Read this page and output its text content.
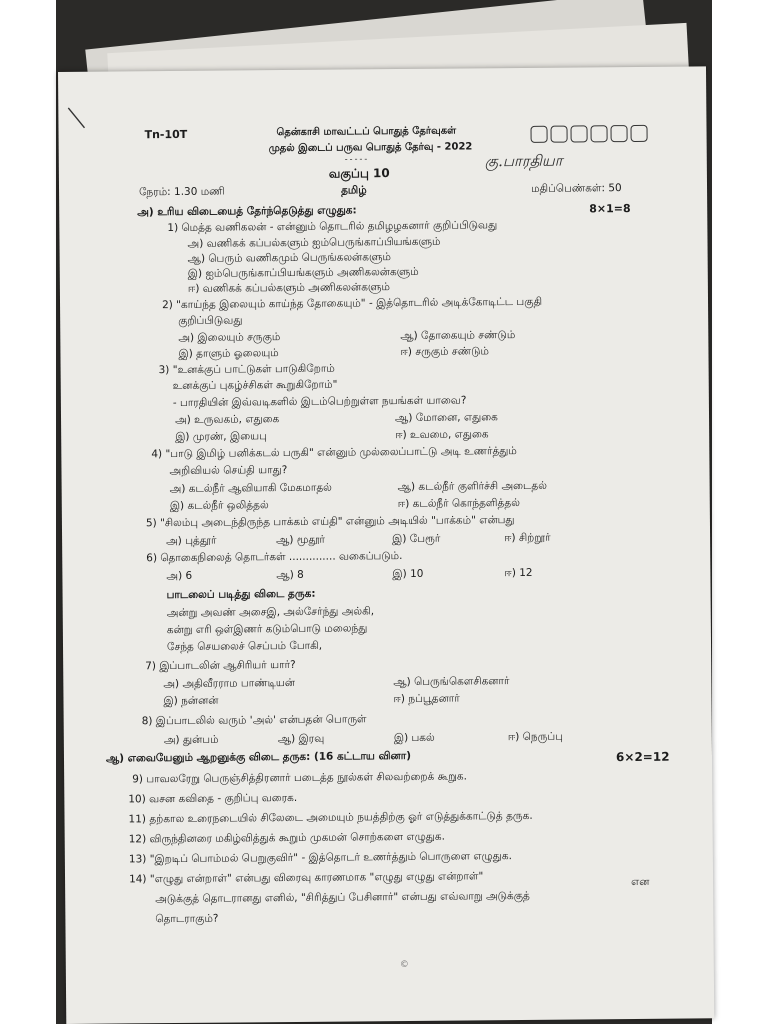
Tn-10T	தென்காசி மாவட்டப் பொதுத் தேர்வுகள்
முதல் இடைப் பருவ பொதுத் தேர்வு - 2022
-----
வகுப்பு 10
கு.பாரதியா
நேரம்: 1.30 மணி	தமிழ்	மதிப்பெண்கள்: 50
அ) உரிய விடையைத் தேர்ந்தெடுத்து எழுதுக:	8×1=8
1) மெத்த வணிகலன் - என்னும் தொடரில் தமிழழகனார் குறிப்பிடுவது
அ) வணிகக் கப்பல்களும் ஐம்பெருங்காப்பியங்களும்
ஆ) பெரும் வணிகமும் பெருங்கலன்களும்
இ) ஐம்பெருங்காப்பியங்களும் அணிகலன்களும்
ஈ) வணிகக் கப்பல்களும் அணிகலன்களும்
2) "காய்ந்த இலையும் காய்ந்த தோகையும்" - இத்தொடரில் அடிக்கோடிட்ட பகுதி
குறிப்பிடுவது
அ) இலையும் சருகும்	ஆ) தோகையும் சண்டும்
இ) தாளும் ஓலையும்	ஈ) சருகும் சண்டும்
3) "உனக்குப் பாட்டுகள் பாடுகிறோம்
உனக்குப் புகழ்ச்சிகள் கூறுகிறோம்"
- பாரதியின் இவ்வடிகளில் இடம்பெற்றுள்ள நயங்கள் யாவை?
அ) உருவகம், எதுகை	ஆ) மோனை, எதுகை
இ) முரண், இயைபு	ஈ) உவமை, எதுகை
4) "பாடு இமிழ் பனிக்கடல் பருகி" என்னும் முல்லைப்பாட்டு அடி உணர்த்தும்
அறிவியல் செய்தி யாது?
அ) கடல்நீர் ஆவியாகி மேகமாதல்	ஆ) கடல்நீர் குளிர்ச்சி அடைதல்
இ) கடல்நீர் ஒலித்தல்	ஈ) கடல்நீர் கொந்தளித்தல்
5) "சிலம்பு அடைந்திருந்த பாக்கம் எய்தி" என்னும் அடியில் "பாக்கம்" என்பது
அ) புத்தூர்	ஆ) மூதூர்	இ) பேரூர்	ஈ) சிற்றூர்
6) தொகைநிலைத் தொடர்கள் .............. வகைப்படும்.
அ) 6	ஆ) 8	இ) 10	ஈ) 12
பாடலைப் படித்து விடை தருக:
அன்று அவண் அசைஇ, அல்சேர்ந்து அல்கி,
கன்று எரி ஒள்இணர் கடும்பொடு மலைந்து
சேந்த செயலைச் செப்பம் போகி,
7) இப்பாடலின் ஆசிரியர் யார்?
அ) அதிவீரராம பாண்டியன்	ஆ) பெருங்கௌசிகனார்
இ) நன்னன்	ஈ) நப்பூதனார்
8) இப்பாடலில் வரும் 'அல்' என்பதன் பொருள்
அ) துன்பம்	ஆ) இரவு	இ) பகல்	ஈ) நெருப்பு
ஆ) எவையேனும் ஆறனுக்கு விடை தருக: (16 கட்டாய வினா)	6×2=12
9) பாவலரேறு பெருஞ்சித்திரனார் படைத்த நூல்கள் சிலவற்றைக் கூறுக.
10) வசன கவிதை - குறிப்பு வரைக.
11) தற்கால உரைநடையில் சிலேடை அமையும் நயத்திற்கு ஓர் எடுத்துக்காட்டுத் தருக.
12) விருந்தினரை மகிழ்வித்துக் கூறும் முகமன் சொற்களை எழுதுக.
13) "இறடிப் பொம்மல் பெறுகுவிர்" - இத்தொடர் உணர்த்தும் பொருளை எழுதுக.
14) "எழுது என்றாள்" என்பது விரைவு காரணமாக "எழுது எழுது என்றாள்"	என
அடுக்குத் தொடரானது எனில், "சிரித்துப் பேசினார்" என்பது எவ்வாறு அடுக்குத்
தொடராகும்?
©
